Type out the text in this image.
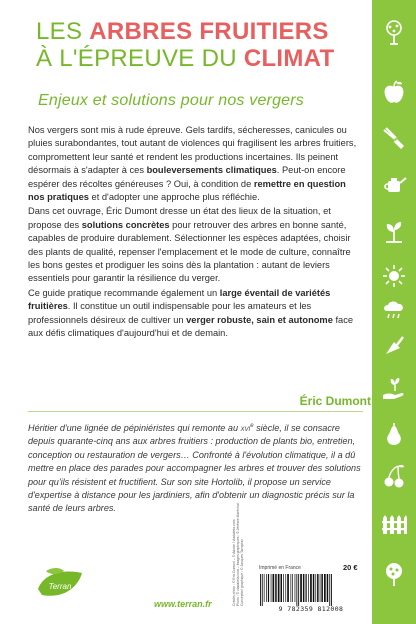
LES ARBRES FRUITIERS
À L'ÉPREUVE DU CLIMAT
Enjeux et solutions pour nos vergers

Nos vergers sont mis à rude épreuve. Gels tardifs, sécheresses, canicules ou pluies surabondantes, tout autant de violences qui fragilisent les arbres fruitiers, compromettent leur santé et rendent les productions incertaines. Ils peinent désormais à s'adapter à ces bouleversements climatiques. Peut-on encore espérer des récoltes généreuses ? Oui, à condition de remettre en question nos pratiques et d'adopter une approche plus réfléchie.

Dans cet ouvrage, Éric Dumont dresse un état des lieux de la situation, et propose des solutions concrètes pour retrouver des arbres en bonne santé, capables de produire durablement. Sélectionner les espèces adaptées, choisir des plants de qualité, repenser l'emplacement et le mode de culture, connaître les bons gestes et prodiguer les soins dès la plantation : autant de leviers essentiels pour garantir la résilience du verger.

Ce guide pratique recommande également un large éventail de variétés fruitières. Il constitue un outil indispensable pour les amateurs et les professionnels désireux de cultiver un verger robuste, sain et autonome face aux défis climatiques d'aujourd'hui et de demain.

Éric Dumont
Héritier d'une lignée de pépiniéristes qui remonte au xvi$^e$ siècle, il se consacre depuis quarante-cinq ans aux arbres fruitiers : production de plants bio, entretien, conception ou restauration de vergers… Confronté à l'évolution climatique, il a dû mettre en place des parades pour accompagner les arbres et trouver des solutions pour qu'ils résistent et fructifient. Sur son site Hortolib, il propose un service d'expertise à distance pour les jardiniers, afin d'obtenir un diagnostic précis sur la santé de leurs arbres.
Terran
www.terran.fr	Crédits photo : © Eric Dumont – © Adobe / vladakela.com Photo : © vladakela.com – Images graphiques : © Jérémie Maréchal Conception graphique : © Jacques Tarrajean	Imprimé en France	20 €
9 782359 812008
